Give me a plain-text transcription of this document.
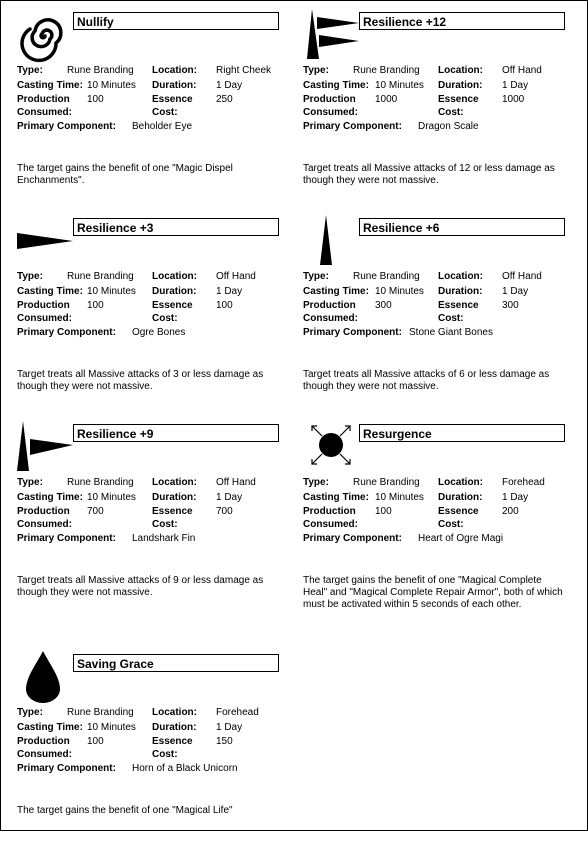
Nullify
Type: Rune Branding Location: Right Cheek
Casting Time: 10 Minutes Duration: 1 Day
Production 100	Essence 250
Consumed:	Cost:
Primary Component: Beholder Eye
The target gains the benefit of one "Magic Dispel Enchanments".
Resilience +12
Type: Rune Branding Location: Off Hand
Casting Time: 10 Minutes Duration: 1 Day
Production 1000	Essence 1000
Consumed:	Cost:
Primary Component: Dragon Scale
Target treats all Massive attacks of 12 or less damage as though they were not massive.
Resilience +3
Type: Rune Branding Location: Off Hand
Casting Time: 10 Minutes Duration: 1 Day
Production 100	Essence 100
Consumed:	Cost:
Primary Component: Ogre Bones
Target treats all Massive attacks of 3 or less damage as though they were not massive.
Resilience +6
Type: Rune Branding Location: Off Hand
Casting Time: 10 Minutes Duration: 1 Day
Production 300	Essence 300
Consumed:	Cost:
Primary Component: Stone Giant Bones
Target treats all Massive attacks of 6 or less damage as though they were not massive.
Resilience +9
Type: Rune Branding Location: Off Hand
Casting Time: 10 Minutes Duration: 1 Day
Production 700	Essence 700
Consumed:	Cost:
Primary Component: Landshark Fin
Target treats all Massive attacks of 9 or less damage as though they were not massive.
Resurgence
Type: Rune Branding Location: Forehead
Casting Time: 10 Minutes Duration: 1 Day
Production 100	Essence 200
Consumed:	Cost:
Primary Component: Heart of Ogre Magi
The target gains the benefit of one "Magical Complete Heal" and "Magical Complete Repair Armor", both of which must be activated within 5 seconds of each other.
Saving Grace
Type: Rune Branding Location: Forehead
Casting Time: 10 Minutes Duration: 1 Day
Production 100	Essence 150
Consumed:	Cost:
Primary Component: Horn of a Black Unicorn
The target gains the benefit of one "Magical Life"
